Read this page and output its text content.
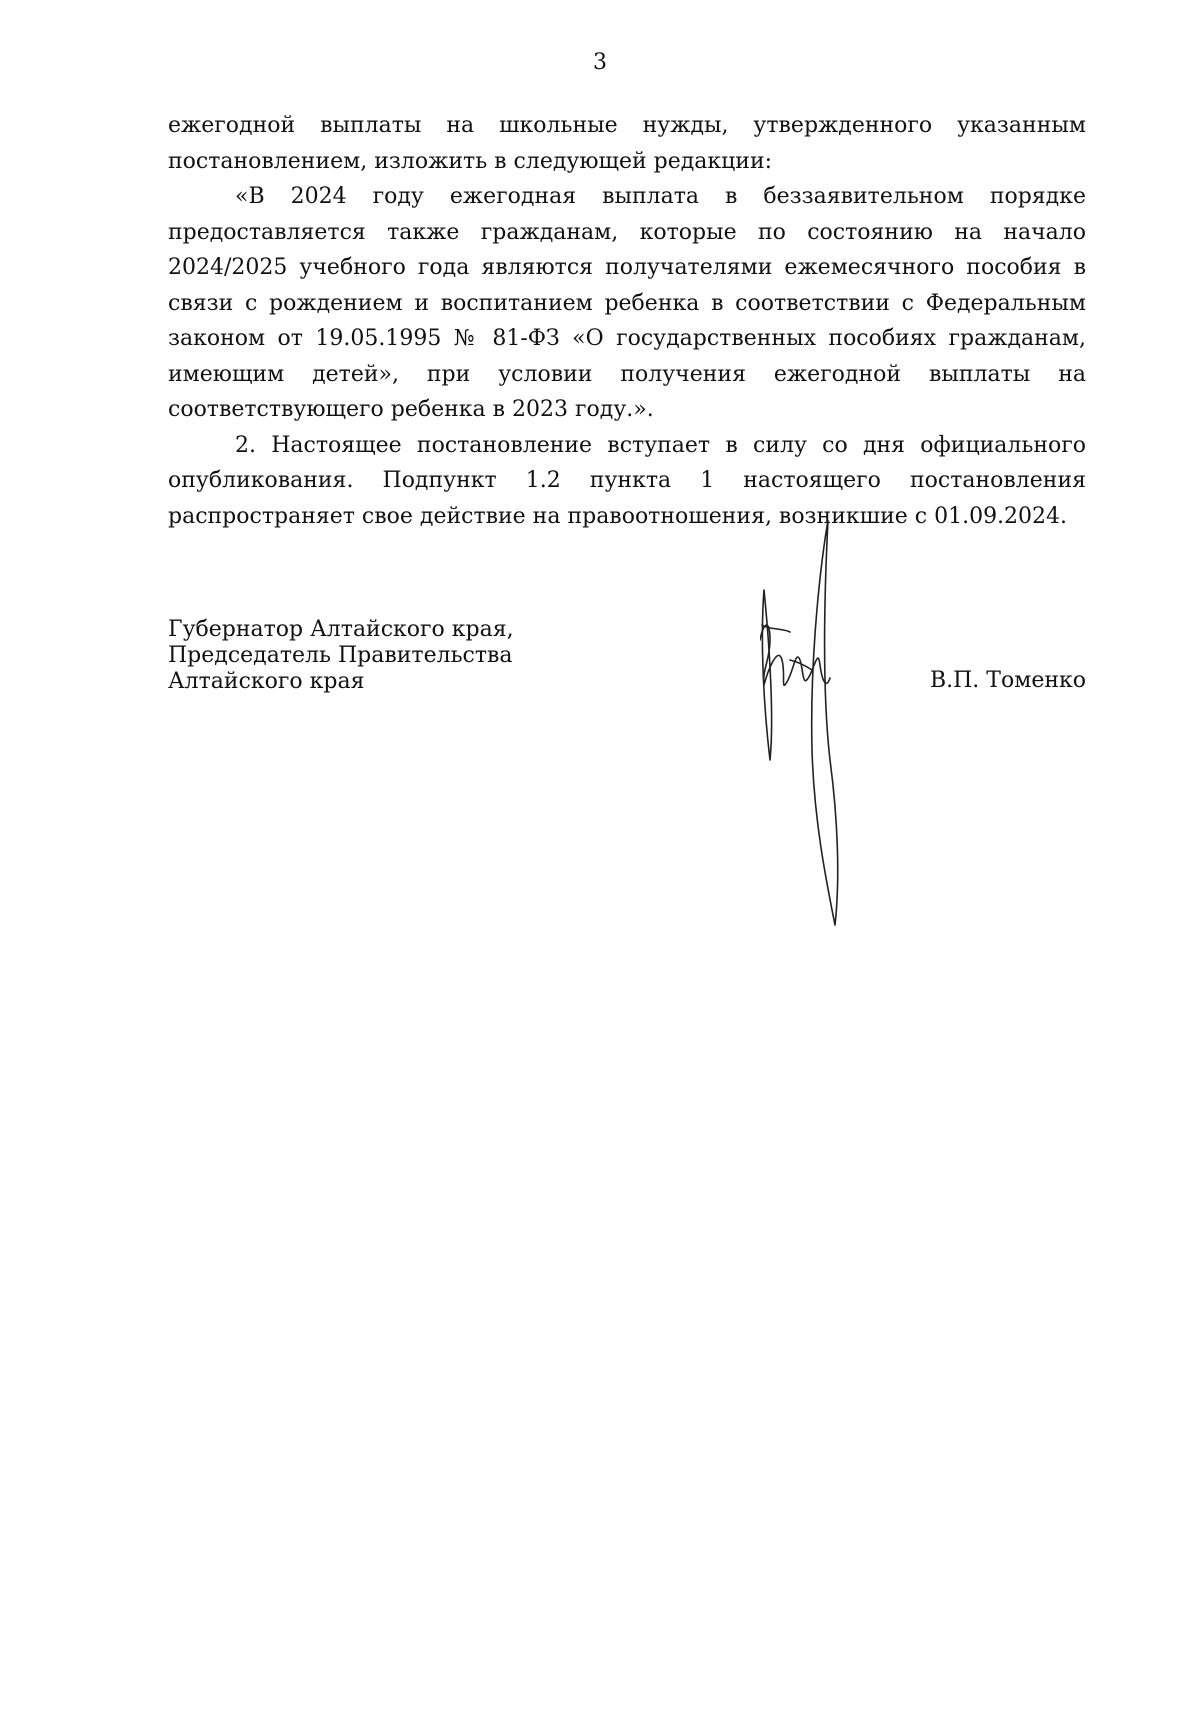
3

ежегодной выплаты на школьные нужды, утвержденного указанным постановлением, изложить в следующей редакции:

«В 2024 году ежегодная выплата в беззаявительном порядке предоставляется также гражданам, которые по состоянию на начало 2024/2025 учебного года являются получателями ежемесячного пособия в связи с рождением и воспитанием ребенка в соответствии с Федеральным законом от 19.05.1995 № 81-ФЗ «О государственных пособиях гражданам, имеющим детей», при условии получения ежегодной выплаты на соответствующего ребенка в 2023 году.».

2. Настоящее постановление вступает в силу со дня официального опубликования. Подпункт 1.2 пункта 1 настоящего постановления распространяет свое действие на правоотношения, возникшие с 01.09.2024.

Губернатор Алтайского края,
Председатель Правительства
Алтайского края	В.П. Томенко
